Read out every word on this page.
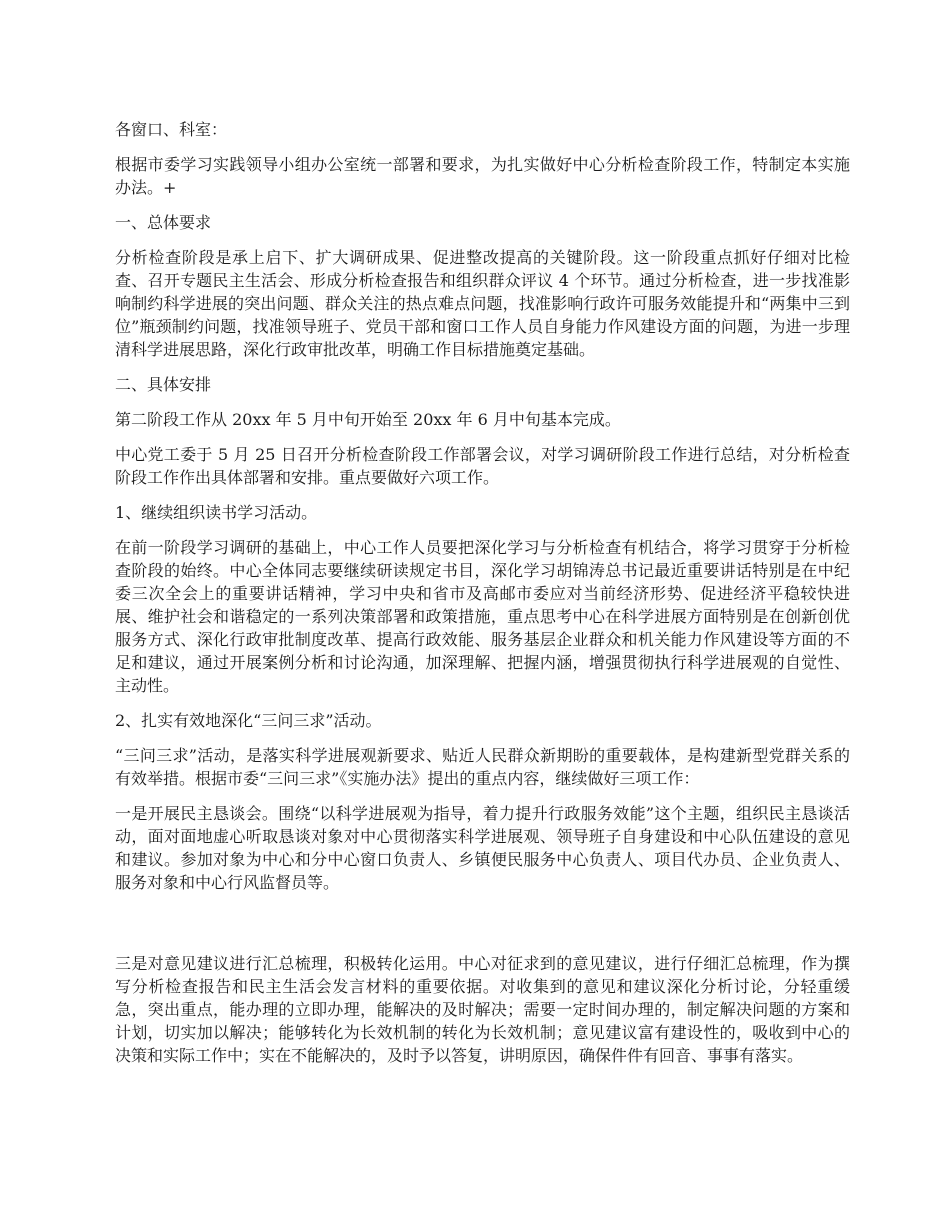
各窗口、科室：

根据市委学习实践领导小组办公室统一部署和要求，为扎实做好中心分析检查阶段工作，特制定本实施办法。+

一、总体要求

分析检查阶段是承上启下、扩大调研成果、促进整改提高的关键阶段。这一阶段重点抓好仔细对比检查、召开专题民主生活会、形成分析检查报告和组织群众评议 4 个环节。通过分析检查，进一步找准影响制约科学进展的突出问题、群众关注的热点难点问题，找准影响行政许可服务效能提升和“两集中三到位”瓶颈制约问题，找准领导班子、党员干部和窗口工作人员自身能力作风建设方面的问题，为进一步理清科学进展思路，深化行政审批改革，明确工作目标措施奠定基础。

二、具体安排

第二阶段工作从 20xx 年 5 月中旬开始至 20xx 年 6 月中旬基本完成。

中心党工委于 5 月 25 日召开分析检查阶段工作部署会议，对学习调研阶段工作进行总结，对分析检查阶段工作作出具体部署和安排。重点要做好六项工作。

1、继续组织读书学习活动。

在前一阶段学习调研的基础上，中心工作人员要把深化学习与分析检查有机结合，将学习贯穿于分析检查阶段的始终。中心全体同志要继续研读规定书目，深化学习胡锦涛总书记最近重要讲话特别是在中纪委三次全会上的重要讲话精神，学习中央和省市及高邮市委应对当前经济形势、促进经济平稳较快进展、维护社会和谐稳定的一系列决策部署和政策措施，重点思考中心在科学进展方面特别是在创新创优服务方式、深化行政审批制度改革、提高行政效能、服务基层企业群众和机关能力作风建设等方面的不足和建议，通过开展案例分析和讨论沟通，加深理解、把握内涵，增强贯彻执行科学进展观的自觉性、主动性。

2、扎实有效地深化“三问三求”活动。

“三问三求”活动，是落实科学进展观新要求、贴近人民群众新期盼的重要载体，是构建新型党群关系的有效举措。根据市委“三问三求”《实施办法》提出的重点内容，继续做好三项工作：

一是开展民主恳谈会。围绕“以科学进展观为指导，着力提升行政服务效能”这个主题，组织民主恳谈活动，面对面地虚心听取恳谈对象对中心贯彻落实科学进展观、领导班子自身建设和中心队伍建设的意见和建议。参加对象为中心和分中心窗口负责人、乡镇便民服务中心负责人、项目代办员、企业负责人、服务对象和中心行风监督员等。

三是对意见建议进行汇总梳理，积极转化运用。中心对征求到的意见建议，进行仔细汇总梳理，作为撰写分析检查报告和民主生活会发言材料的重要依据。对收集到的意见和建议深化分析讨论，分轻重缓急，突出重点，能办理的立即办理，能解决的及时解决；需要一定时间办理的，制定解决问题的方案和计划，切实加以解决；能够转化为长效机制的转化为长效机制；意见建议富有建设性的，吸收到中心的决策和实际工作中；实在不能解决的，及时予以答复，讲明原因，确保件件有回音、事事有落实。
